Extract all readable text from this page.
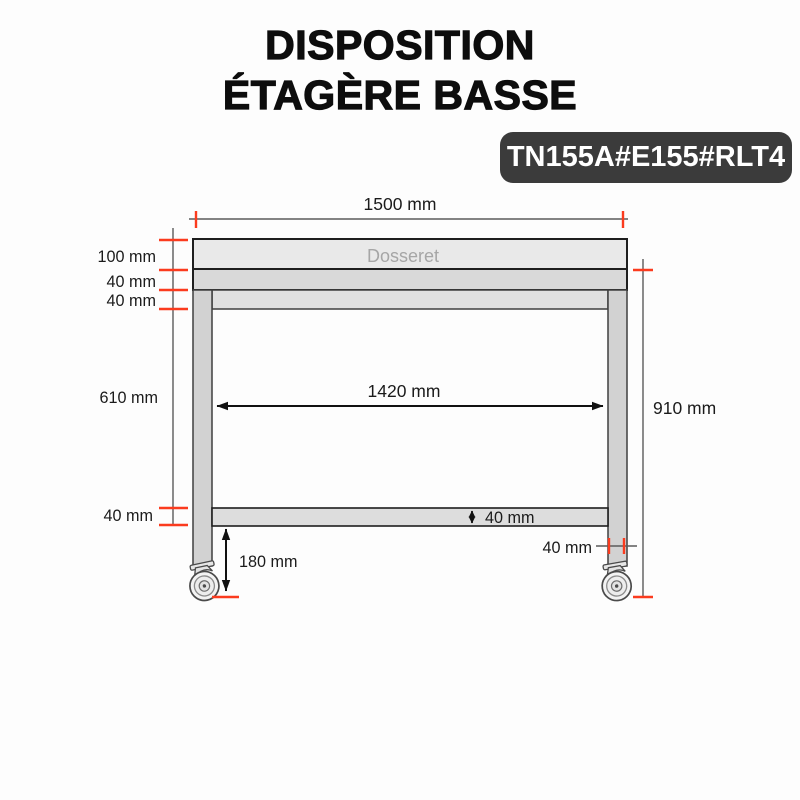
DISPOSITION
ÉTAGÈRE BASSE
TN155A#E155#RLT4
1500 mm
100 mm
40 mm
40 mm
610 mm
40 mm
Dosseret
1420 mm
910 mm
40 mm
40 mm
180 mm
